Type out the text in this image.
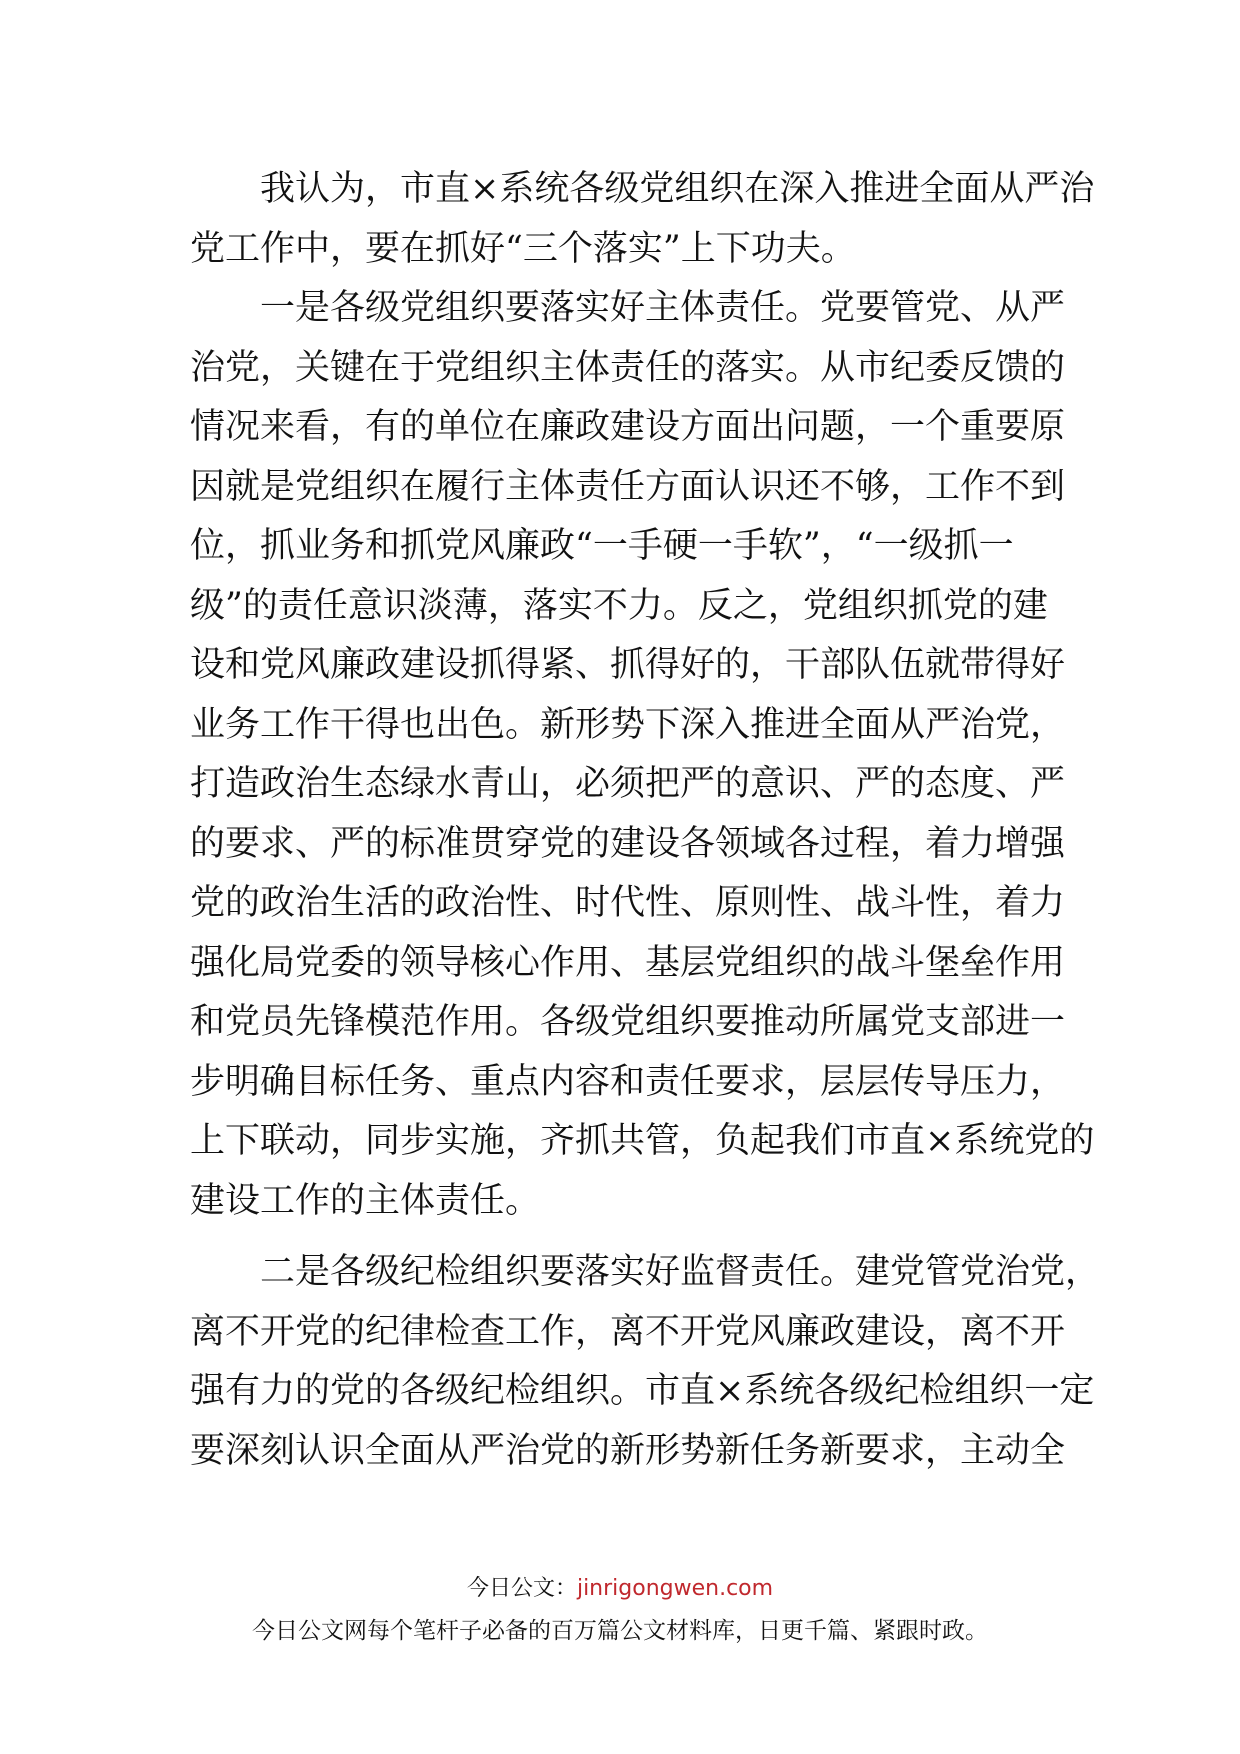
我认为，市直×系统各级党组织在深入推进全面从严治
党工作中，要在抓好“三个落实”上下功夫。
一是各级党组织要落实好主体责任。党要管党、从严
治党，关键在于党组织主体责任的落实。从市纪委反馈的
情况来看，有的单位在廉政建设方面出问题，一个重要原
因就是党组织在履行主体责任方面认识还不够，工作不到
位，抓业务和抓党风廉政“一手硬一手软”，“一级抓一
级”的责任意识淡薄，落实不力。反之，党组织抓党的建
设和党风廉政建设抓得紧、抓得好的，干部队伍就带得好
业务工作干得也出色。新形势下深入推进全面从严治党，
打造政治生态绿水青山，必须把严的意识、严的态度、严
的要求、严的标准贯穿党的建设各领域各过程，着力增强
党的政治生活的政治性、时代性、原则性、战斗性，着力
强化局党委的领导核心作用、基层党组织的战斗堡垒作用
和党员先锋模范作用。各级党组织要推动所属党支部进一
步明确目标任务、重点内容和责任要求，层层传导压力，
上下联动，同步实施，齐抓共管，负起我们市直×系统党的
建设工作的主体责任。
二是各级纪检组织要落实好监督责任。建党管党治党，
离不开党的纪律检查工作，离不开党风廉政建设，离不开
强有力的党的各级纪检组织。市直×系统各级纪检组织一定
要深刻认识全面从严治党的新形势新任务新要求，主动全
今日公文：jinrigongwen.com
今日公文网每个笔杆子必备的百万篇公文材料库，日更千篇、紧跟时政。
